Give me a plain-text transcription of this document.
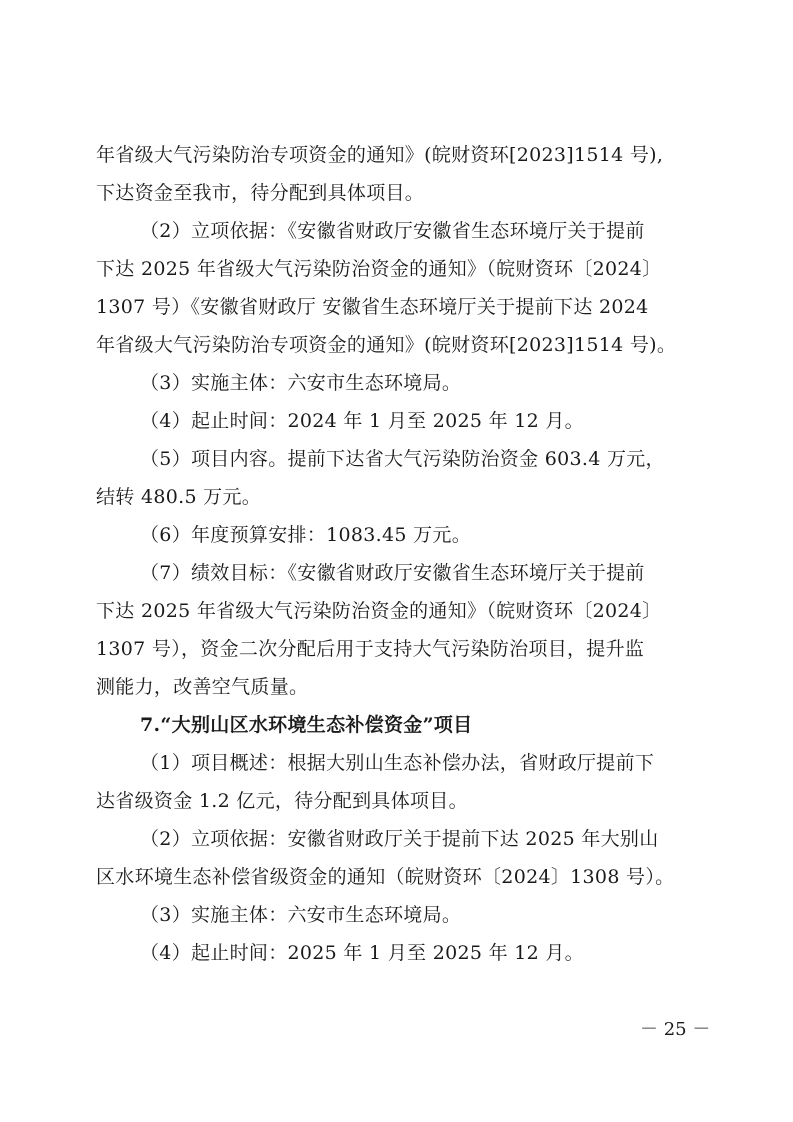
年省级大气污染防治专项资金的通知》(皖财资环[2023]1514 号),
下达资金至我市，待分配到具体项目。
（2）立项依据：《安徽省财政厅安徽省生态环境厅关于提前
下达 2025 年省级大气污染防治资金的通知》（皖财资环〔2024〕
1307 号）《安徽省财政厅 安徽省生态环境厅关于提前下达 2024
年省级大气污染防治专项资金的通知》(皖财资环[2023]1514 号)。
（3）实施主体：六安市生态环境局。
（4）起止时间：2024 年 1 月至 2025 年 12 月。
（5）项目内容。提前下达省大气污染防治资金 603.4 万元，
结转 480.5 万元。
（6）年度预算安排：1083.45 万元。
（7）绩效目标：《安徽省财政厅安徽省生态环境厅关于提前
下达 2025 年省级大气污染防治资金的通知》（皖财资环〔2024〕
1307 号），资金二次分配后用于支持大气污染防治项目，提升监
测能力，改善空气质量。
7.“大别山区水环境生态补偿资金”项目
（1）项目概述：根据大别山生态补偿办法，省财政厅提前下
达省级资金 1.2 亿元，待分配到具体项目。
（2）立项依据：安徽省财政厅关于提前下达 2025 年大别山
区水环境生态补偿省级资金的通知（皖财资环〔2024〕1308 号）。
（3）实施主体：六安市生态环境局。
（4）起止时间：2025 年 1 月至 2025 年 12 月。
－ 25 －
